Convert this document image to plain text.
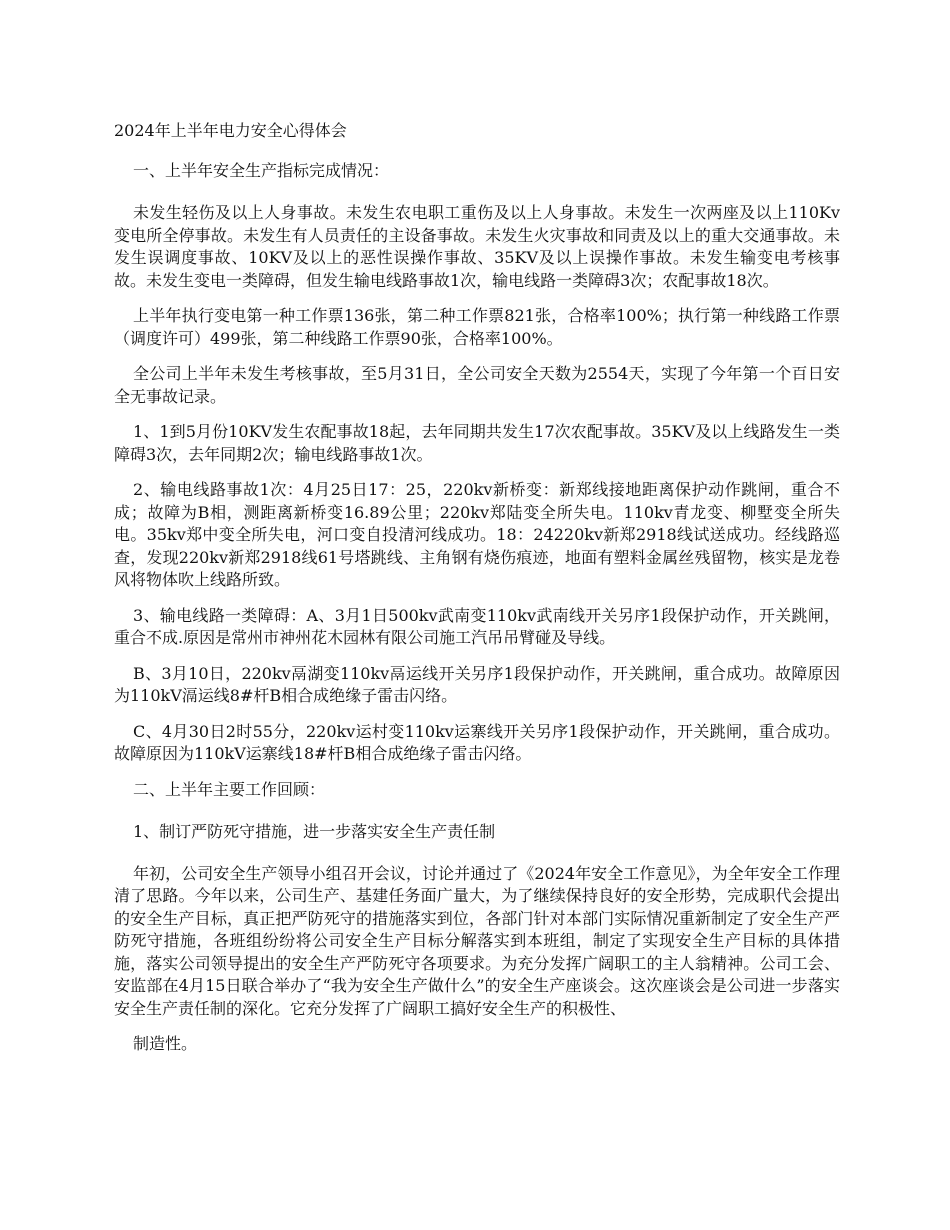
2024年上半年电力安全心得体会
一、上半年安全生产指标完成情况：

未发生轻伤及以上人身事故。未发生农电职工重伤及以上人身事故。未发生一次两座及以上110Kv变电所全停事故。未发生有人员责任的主设备事故。未发生火灾事故和同责及以上的重大交通事故。未发生误调度事故、10KV及以上的恶性误操作事故、35KV及以上误操作事故。未发生输变电考核事故。未发生变电一类障碍，但发生输电线路事故1次，输电线路一类障碍3次；农配事故18次。

上半年执行变电第一种工作票136张，第二种工作票821张，合格率100%；执行第一种线路工作票（调度许可）499张，第二种线路工作票90张，合格率100%。

全公司上半年未发生考核事故，至5月31日，全公司安全天数为2554天，实现了今年第一个百日安全无事故记录。

1、1到5月份10KV发生农配事故18起，去年同期共发生17次农配事故。35KV及以上线路发生一类障碍3次，去年同期2次；输电线路事故1次。

2、输电线路事故1次：4月25日17：25，220kv新桥变：新郑线接地距离保护动作跳闸，重合不成；故障为B相，测距离新桥变16.89公里；220kv郑陆变全所失电。110kv青龙变、柳墅变全所失电。35kv郑中变全所失电，河口变自投清河线成功。18：24220kv新郑2918线试送成功。经线路巡查，发现220kv新郑2918线61号塔跳线、主角钢有烧伤痕迹，地面有塑料金属丝残留物，核实是龙卷风将物体吹上线路所致。

3、输电线路一类障碍：A、3月1日500kv武南变110kv武南线开关另序1段保护动作，开关跳闸，重合不成.原因是常州市神州花木园林有限公司施工汽吊吊臂碰及导线。

B、3月10日，220kv鬲湖变110kv鬲运线开关另序1段保护动作，开关跳闸，重合成功。故障原因为110kV滆运线8#杆B相合成绝缘子雷击闪络。

C、4月30日2时55分，220kv运村变110kv运寨线开关另序1段保护动作，开关跳闸，重合成功。故障原因为110kV运寨线18#杆B相合成绝缘子雷击闪络。

二、上半年主要工作回顾：
1、制订严防死守措施，进一步落实安全生产责任制

年初，公司安全生产领导小组召开会议，讨论并通过了《2024年安全工作意见》，为全年安全工作理清了思路。今年以来，公司生产、基建任务面广量大，为了继续保持良好的安全形势，完成职代会提出的安全生产目标，真正把严防死守的措施落实到位，各部门针对本部门实际情况重新制定了安全生产严防死守措施，各班组纷纷将公司安全生产目标分解落实到本班组，制定了实现安全生产目标的具体措施，落实公司领导提出的安全生产严防死守各项要求。为充分发挥广阔职工的主人翁精神。公司工会、安监部在4月15日联合举办了“我为安全生产做什么”的安全生产座谈会。这次座谈会是公司进一步落实安全生产责任制的深化。它充分发挥了广阔职工搞好安全生产的积极性、

制造性。
